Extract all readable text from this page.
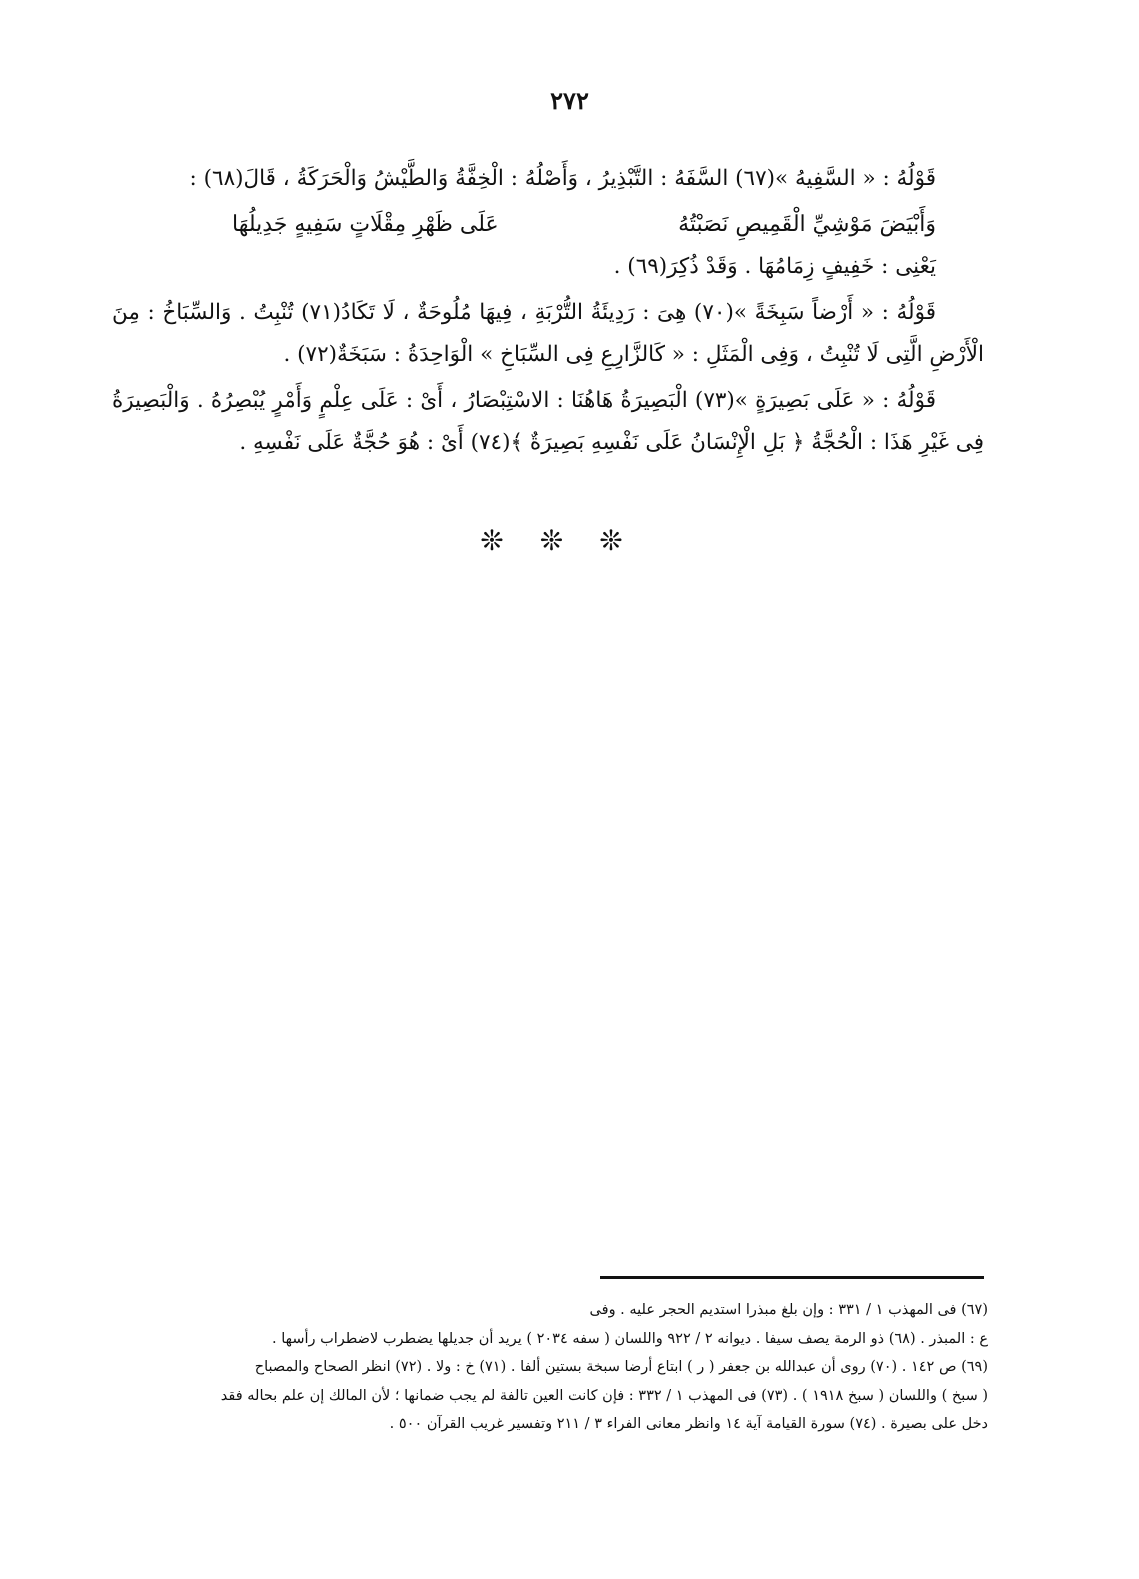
٢٧٢

قَوْلُهُ : « السَّفِيهُ »(٦٧) السَّفَهُ : التَّبْذِيرُ ، وَأَصْلُهُ : الْخِفَّةُ وَالطَّيْشُ وَالْحَرَكَةُ ، قَالَ(٦٨) :

وَأَبْيَضَ مَوْشِيِّ الْقَمِيصِ نَصَبْتُهُ
عَلَى ظَهْرِ مِقْلَاتٍ سَفِيهٍ جَدِيلُهَا

يَعْنِى : خَفِيفٍ زِمَامُهَا . وَقَدْ ذُكِرَ(٦٩) .

قَوْلُهُ : « أَرْضاً سَبِخَةً »(٧٠) هِىَ : رَدِيئَةُ التُّرْبَةِ ، فِيهَا مُلُوحَةٌ ، لَا تَكَادُ(٧١) تُنْبِتُ . وَالسِّبَاخُ : مِنَ الْأَرْضِ الَّتِى لَا تُنْبِتُ ، وَفِى الْمَثَلِ : « كَالزَّارِعِ فِى السِّبَاخِ » الْوَاحِدَةُ : سَبَخَةٌ(٧٢) .

قَوْلُهُ : « عَلَى بَصِيرَةٍ »(٧٣) الْبَصِيرَةُ هَاهُنَا : الاسْتِبْصَارُ ، أَىْ : عَلَى عِلْمٍ وَأَمْرٍ يُبْصِرُهُ . وَالْبَصِيرَةُ فِى غَيْرِ هَذَا : الْحُجَّةُ ﴿ بَلِ الْإِنْسَانُ عَلَى نَفْسِهِ بَصِيرَةٌ ﴾(٧٤) أَىْ : هُوَ حُجَّةٌ عَلَى نَفْسِهِ .

❊❊❊
(٦٧) فى المهذب ١ / ٣٣١ : وإن بلغ مبذرا استديم الحجر عليه . وفى
ع : المبذر . (٦٨) ذو الرمة يصف سيفا . ديوانه ٢ / ٩٢٢ واللسان ( سفه ٢٠٣٤ ) يريد أن جديلها يضطرب لاضطراب رأسها .
(٦٩) ص ١٤٢ . (٧٠) روى أن عبدالله بن جعفر ( ر ) ابتاع أرضا سبخة بستين ألفا . (٧١) خ : ولا . (٧٢) انظر الصحاح والمصباح
( سبخ ) واللسان ( سبخ ١٩١٨ ) . (٧٣) فى المهذب ١ / ٣٣٢ : فإن كانت العين تالفة لم يجب ضمانها ؛ لأن المالك إن علم بحاله فقد
دخل على بصيرة . (٧٤) سورة القيامة آية ١٤ وانظر معانى الفراء ٣ / ٢١١ وتفسير غريب القرآن ٥٠٠ .
